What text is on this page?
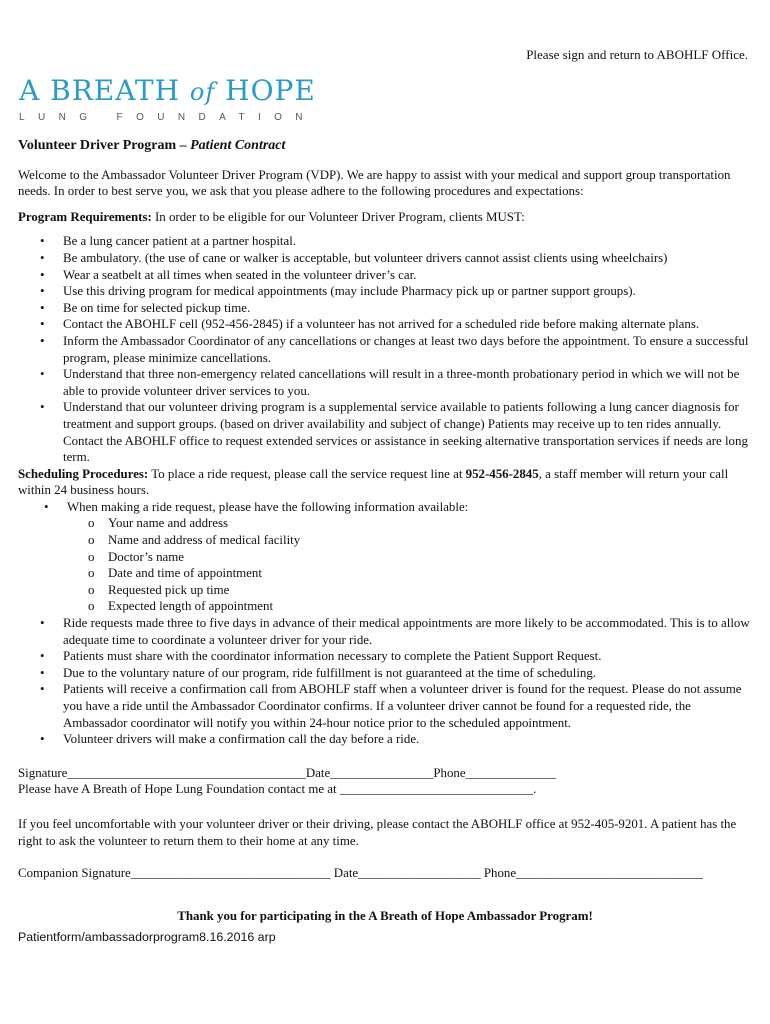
Please sign and return to ABOHLF Office.
A BREATH of HOPE
LUNG FOUNDATION
Volunteer Driver Program – Patient Contract

Welcome to the Ambassador Volunteer Driver Program (VDP). We are happy to assist with your medical and support group transportation needs. In order to best serve you, we ask that you please adhere to the following procedures and expectations:

Program Requirements: In order to be eligible for our Volunteer Driver Program, clients MUST:

• Be a lung cancer patient at a partner hospital.
• Be ambulatory. (the use of cane or walker is acceptable, but volunteer drivers cannot assist clients using wheelchairs)
• Wear a seatbelt at all times when seated in the volunteer driver’s car.
• Use this driving program for medical appointments (may include Pharmacy pick up or partner support groups).
• Be on time for selected pickup time.
• Contact the ABOHLF cell (952-456-2845) if a volunteer has not arrived for a scheduled ride before making alternate plans.
• Inform the Ambassador Coordinator of any cancellations or changes at least two days before the appointment. To ensure a successful program, please minimize cancellations.
• Understand that three non-emergency related cancellations will result in a three-month probationary period in which we will not be able to provide volunteer driver services to you.
• Understand that our volunteer driving program is a supplemental service available to patients following a lung cancer diagnosis for treatment and support groups. (based on driver availability and subject of change) Patients may receive up to ten rides annually. Contact the ABOHLF office to request extended services or assistance in seeking alternative transportation services if needs are long term.

Scheduling Procedures: To place a ride request, please call the service request line at 952-456-2845, a staff member will return your call within 24 business hours.

• When making a ride request, please have the following information available:
o Your name and address
o Name and address of medical facility
o Doctor’s name
o Date and time of appointment
o Requested pick up time
o Expected length of appointment
• Ride requests made three to five days in advance of their medical appointments are more likely to be accommodated. This is to allow adequate time to coordinate a volunteer driver for your ride.
• Patients must share with the coordinator information necessary to complete the Patient Support Request.
• Due to the voluntary nature of our program, ride fulfillment is not guaranteed at the time of scheduling.
• Patients will receive a confirmation call from ABOHLF staff when a volunteer driver is found for the request. Please do not assume you have a ride until the Ambassador Coordinator confirms. If a volunteer driver cannot be found for a requested ride, the Ambassador coordinator will notify you within 24-hour notice prior to the scheduled appointment.
• Volunteer drivers will make a confirmation call the day before a ride.

Signature_____________________________________Date________________Phone______________

Please have A Breath of Hope Lung Foundation contact me at ______________________________.

If you feel uncomfortable with your volunteer driver or their driving, please contact the ABOHLF office at 952-405-9201. A patient has the right to ask the volunteer to return them to their home at any time.

Companion Signature_______________________________ Date___________________ Phone_____________________________

Thank you for participating in the A Breath of Hope Ambassador Program!

Patientform/ambassadorprogram8.16.2016 arp
